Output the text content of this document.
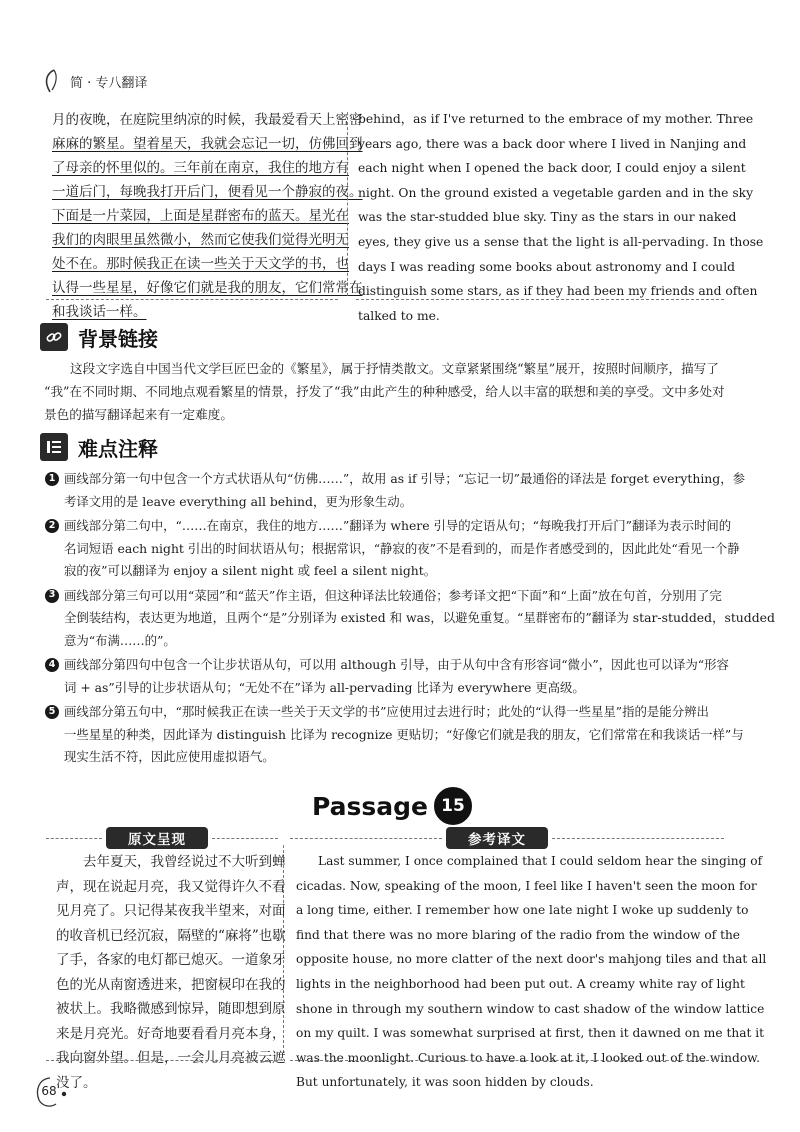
简 · 专八翻译
月的夜晚，在庭院里纳凉的时候，我最爱看天上密密
麻麻的繁星。望着星天，我就会忘记一切，仿佛回到
了母亲的怀里似的。三年前在南京，我住的地方有
一道后门，每晚我打开后门，便看见一个静寂的夜。
下面是一片菜园，上面是星群密布的蓝天。星光在
我们的肉眼里虽然微小，然而它使我们觉得光明无
处不在。那时候我正在读一些关于天文学的书，也
认得一些星星，好像它们就是我的朋友，它们常常在
和我谈话一样。
behind，as if I've returned to the embrace of my mother. Three
years ago, there was a back door where I lived in Nanjing and
each night when I opened the back door, I could enjoy a silent
night. On the ground existed a vegetable garden and in the sky
was the star-studded blue sky. Tiny as the stars in our naked
eyes, they give us a sense that the light is all-pervading. In those
days I was reading some books about astronomy and I could
distinguish some stars, as if they had been my friends and often
talked to me.
背景链接
这段文字选自中国当代文学巨匠巴金的《繁星》，属于抒情类散文。文章紧紧围绕“繁星”展开，按照时间顺序，描写了
“我”在不同时期、不同地点观看繁星的情景，抒发了“我”由此产生的种种感受，给人以丰富的联想和美的享受。文中多处对
景色的描写翻译起来有一定难度。
难点注释
1 画线部分第一句中包含一个方式状语从句“仿佛……”，故用 as if 引导；“忘记一切”最通俗的译法是 forget everything，参
考译文用的是 leave everything all behind，更为形象生动。
2 画线部分第二句中，“……在南京，我住的地方……”翻译为 where 引导的定语从句；“每晚我打开后门”翻译为表示时间的
名词短语 each night 引出的时间状语从句；根据常识，“静寂的夜”不是看到的，而是作者感受到的，因此此处“看见一个静
寂的夜”可以翻译为 enjoy a silent night 或 feel a silent night。
3 画线部分第三句可以用“菜园”和“蓝天”作主语，但这种译法比较通俗；参考译文把“下面”和“上面”放在句首，分别用了完
全倒装结构，表达更为地道，且两个“是”分别译为 existed 和 was，以避免重复。“星群密布的”翻译为 star-studded，studded
意为“布满……的”。
4 画线部分第四句中包含一个让步状语从句，可以用 although 引导，由于从句中含有形容词“微小”，因此也可以译为“形容
词 + as”引导的让步状语从句；“无处不在”译为 all-pervading 比译为 everywhere 更高级。
5 画线部分第五句中，“那时候我正在读一些关于天文学的书”应使用过去进行时；此处的“认得一些星星”指的是能分辨出
一些星星的种类，因此译为 distinguish 比译为 recognize 更贴切；“好像它们就是我的朋友，它们常常在和我谈话一样”与
现实生活不符，因此应使用虚拟语气。
Passage 15
原文呈现	参考译文
去年夏天，我曾经说过不大听到蝉
声，现在说起月亮，我又觉得许久不看
见月亮了。只记得某夜我半望来，对面
的收音机已经沉寂，隔壁的“麻将”也歇
了手，各家的电灯都已熄灭。一道象牙
色的光从南窗透进来，把窗棂印在我的
被状上。我略微感到惊异，随即想到原
来是月亮光。好奇地要看看月亮本身，
我向窗外望。但是，一会儿月亮被云遮
没了。
Last summer, I once complained that I could seldom hear the singing of
cicadas. Now, speaking of the moon, I feel like I haven't seen the moon for
a long time, either. I remember how one late night I woke up suddenly to
find that there was no more blaring of the radio from the window of the
opposite house, no more clatter of the next door's mahjong tiles and that all
lights in the neighborhood had been put out. A creamy white ray of light
shone in through my southern window to cast shadow of the window lattice
on my quilt. I was somewhat surprised at first, then it dawned on me that it
was the moonlight. Curious to have a look at it, I looked out of the window.
But unfortunately, it was soon hidden by clouds.
68
